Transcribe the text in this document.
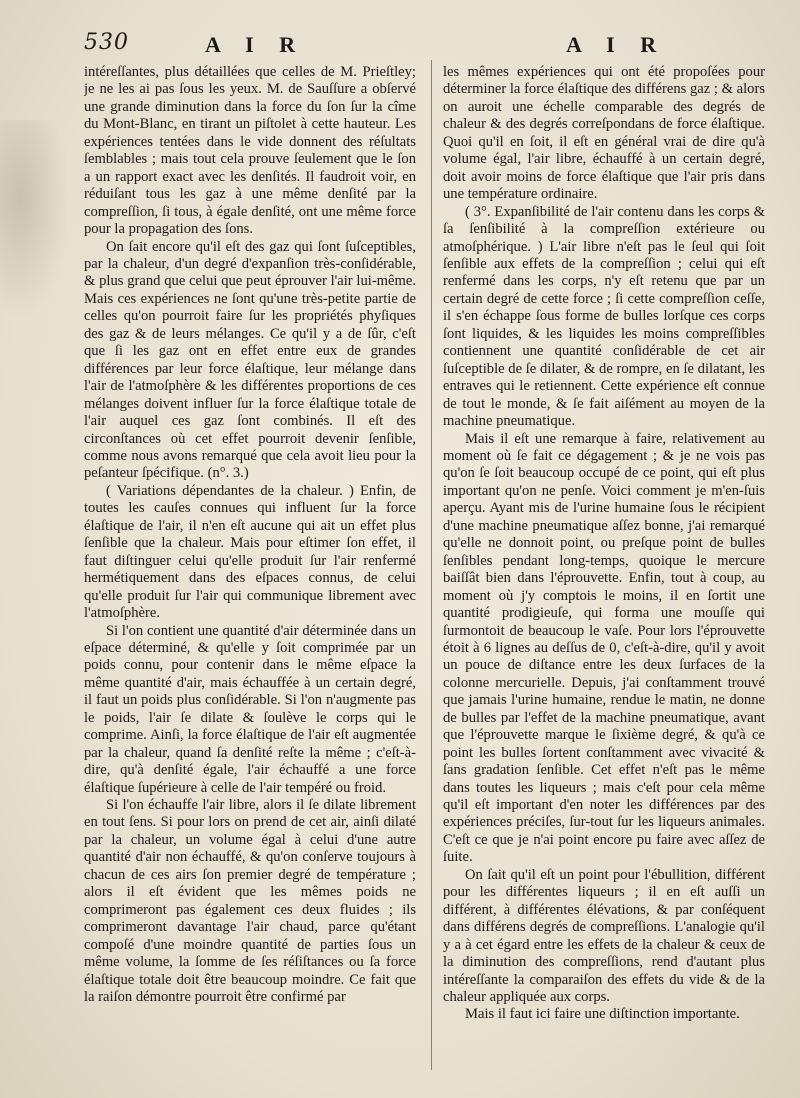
530	A I R	A I R

intéreſſantes, plus détaillées que celles de M. Prieſtley; je ne les ai pas ſous les yeux. M. de Sauſſure a obſervé une grande diminution dans la force du ſon ſur la cîme du Mont-Blanc, en tirant un piſtolet à cette hauteur. Les expériences tentées dans le vide donnent des réſultats ſemblables ; mais tout cela prouve ſeulement que le ſon a un rapport exact avec les denſités. Il faudroit voir, en réduiſant tous les gaz à une même denſité par la compreſſion, ſi tous, à égale denſité, ont une même force pour la propagation des ſons.

On ſait encore qu'il eſt des gaz qui ſont ſuſceptibles, par la chaleur, d'un degré d'expanſion très-conſidérable, & plus grand que celui que peut éprouver l'air lui-même. Mais ces expériences ne ſont qu'une très-petite partie de celles qu'on pourroit faire ſur les propriétés phyſiques des gaz & de leurs mélanges. Ce qu'il y a de ſûr, c'eſt que ſi les gaz ont en effet entre eux de grandes différences par leur force élaſtique, leur mélange dans l'air de l'atmoſphère & les différentes proportions de ces mélanges doivent influer ſur la force élaſtique totale de l'air auquel ces gaz ſont combinés. Il eſt des circonſtances où cet effet pourroit devenir ſenſible, comme nous avons remarqué que cela avoit lieu pour la peſanteur ſpécifique. (n°. 3.)

( Variations dépendantes de la chaleur. ) Enfin, de toutes les cauſes connues qui influent ſur la force élaſtique de l'air, il n'en eſt aucune qui ait un effet plus ſenſible que la chaleur. Mais pour eſtimer ſon effet, il faut diſtinguer celui qu'elle produit ſur l'air renfermé hermétiquement dans des eſpaces connus, de celui qu'elle produit ſur l'air qui communique librement avec l'atmoſphère.

Si l'on contient une quantité d'air déterminée dans un eſpace déterminé, & qu'elle y ſoit comprimée par un poids connu, pour contenir dans le même eſpace la même quantité d'air, mais échauffée à un certain degré, il faut un poids plus conſidérable. Si l'on n'augmente pas le poids, l'air ſe dilate & ſoulève le corps qui le comprime. Ainſi, la force élaſtique de l'air eſt augmentée par la chaleur, quand ſa denſité reſte la même ; c'eſt-à-dire, qu'à denſité égale, l'air échauffé a une force élaſtique ſupérieure à celle de l'air tempéré ou froid.

Si l'on échauffe l'air libre, alors il ſe dilate librement en tout ſens. Si pour lors on prend de cet air, ainſi dilaté par la chaleur, un volume égal à celui d'une autre quantité d'air non échauffé, & qu'on conſerve toujours à chacun de ces airs ſon premier degré de température ; alors il eſt évident que les mêmes poids ne comprimeront pas également ces deux fluides ; ils comprimeront davantage l'air chaud, parce qu'étant compoſé d'une moindre quantité de parties ſous un même volume, la ſomme de ſes réſiſtances ou ſa force élaſtique totale doit être beaucoup moindre. Ce fait que la raiſon démontre pourroit être confirmé par

les mêmes expériences qui ont été propoſées pour déterminer la force élaſtique des différens gaz ; & alors on auroit une échelle comparable des degrés de chaleur & des degrés correſpondans de force élaſtique. Quoi qu'il en ſoit, il eſt en général vrai de dire qu'à volume égal, l'air libre, échauffé à un certain degré, doit avoir moins de force élaſtique que l'air pris dans une température ordinaire.

( 3°. Expanſibilité de l'air contenu dans les corps & ſa ſenſibilité à la compreſſion extérieure ou atmoſphérique. ) L'air libre n'eſt pas le ſeul qui ſoit ſenſible aux effets de la compreſſion ; celui qui eſt renfermé dans les corps, n'y eſt retenu que par un certain degré de cette force ; ſi cette compreſſion ceſſe, il s'en échappe ſous forme de bulles lorſque ces corps ſont liquides, & les liquides les moins compreſſibles contiennent une quantité conſidérable de cet air ſuſceptible de ſe dilater, & de rompre, en ſe dilatant, les entraves qui le retiennent. Cette expérience eſt connue de tout le monde, & ſe fait aiſément au moyen de la machine pneumatique.

Mais il eſt une remarque à faire, relativement au moment où ſe fait ce dégagement ; & je ne vois pas qu'on ſe ſoit beaucoup occupé de ce point, qui eſt plus important qu'on ne penſe. Voici comment je m'en-ſuis aperçu. Ayant mis de l'urine humaine ſous le récipient d'une machine pneumatique aſſez bonne, j'ai remarqué qu'elle ne donnoit point, ou preſque point de bulles ſenſibles pendant long-temps, quoique le mercure baiſſât bien dans l'éprouvette. Enfin, tout à coup, au moment où j'y comptois le moins, il en ſortit une quantité prodigieuſe, qui forma une mouſſe qui ſurmontoit de beaucoup le vaſe. Pour lors l'éprouvette étoit à 6 lignes au deſſus de 0, c'eſt-à-dire, qu'il y avoit un pouce de diſtance entre les deux ſurfaces de la colonne mercurielle. Depuis, j'ai conſtamment trouvé que jamais l'urine humaine, rendue le matin, ne donne de bulles par l'effet de la machine pneumatique, avant que l'éprouvette marque le ſixième degré, & qu'à ce point les bulles ſortent conſtamment avec vivacité & ſans gradation ſenſible. Cet effet n'eſt pas le même dans toutes les liqueurs ; mais c'eſt pour cela même qu'il eſt important d'en noter les différences par des expériences préciſes, ſur-tout ſur les liqueurs animales. C'eſt ce que je n'ai point encore pu faire avec aſſez de ſuite.

On ſait qu'il eſt un point pour l'ébullition, différent pour les différentes liqueurs ; il en eſt auſſi un différent, à différentes élévations, & par conſéquent dans différens degrés de compreſſions. L'analogie qu'il y a à cet égard entre les effets de la chaleur & ceux de la diminution des compreſſions, rend d'autant plus intéreſſante la comparaiſon des effets du vide & de la chaleur appliquée aux corps.

Mais il faut ici faire une diſtinction importante.
